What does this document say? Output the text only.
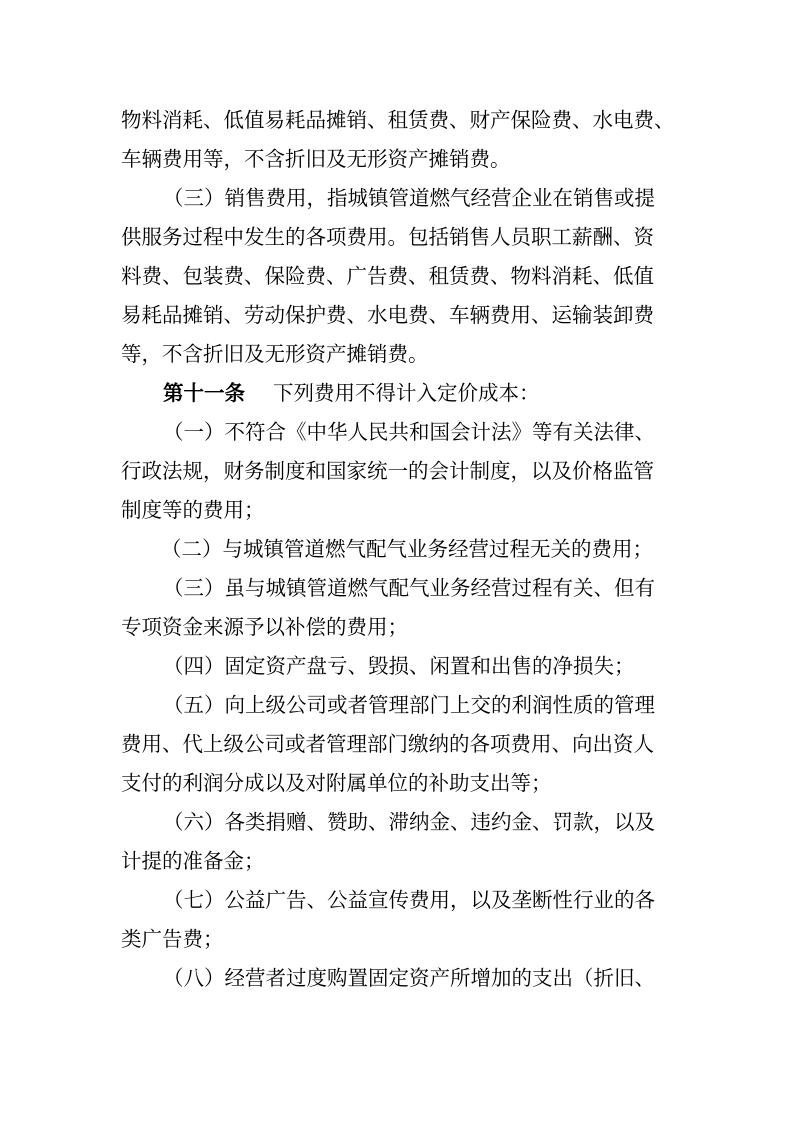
物料消耗、低值易耗品摊销、租赁费、财产保险费、水电费、
车辆费用等，不含折旧及无形资产摊销费。
（三）销售费用，指城镇管道燃气经营企业在销售或提
供服务过程中发生的各项费用。包括销售人员职工薪酬、资
料费、包装费、保险费、广告费、租赁费、物料消耗、低值
易耗品摊销、劳动保护费、水电费、车辆费用、运输装卸费
等，不含折旧及无形资产摊销费。
第十一条 下列费用不得计入定价成本：
（一）不符合《中华人民共和国会计法》等有关法律、
行政法规，财务制度和国家统一的会计制度，以及价格监管
制度等的费用；
（二）与城镇管道燃气配气业务经营过程无关的费用；
（三）虽与城镇管道燃气配气业务经营过程有关、但有
专项资金来源予以补偿的费用；
（四）固定资产盘亏、毁损、闲置和出售的净损失；
（五）向上级公司或者管理部门上交的利润性质的管理
费用、代上级公司或者管理部门缴纳的各项费用、向出资人
支付的利润分成以及对附属单位的补助支出等；
（六）各类捐赠、赞助、滞纳金、违约金、罚款，以及
计提的准备金；
（七）公益广告、公益宣传费用，以及垄断性行业的各
类广告费；
（八）经营者过度购置固定资产所增加的支出（折旧、
